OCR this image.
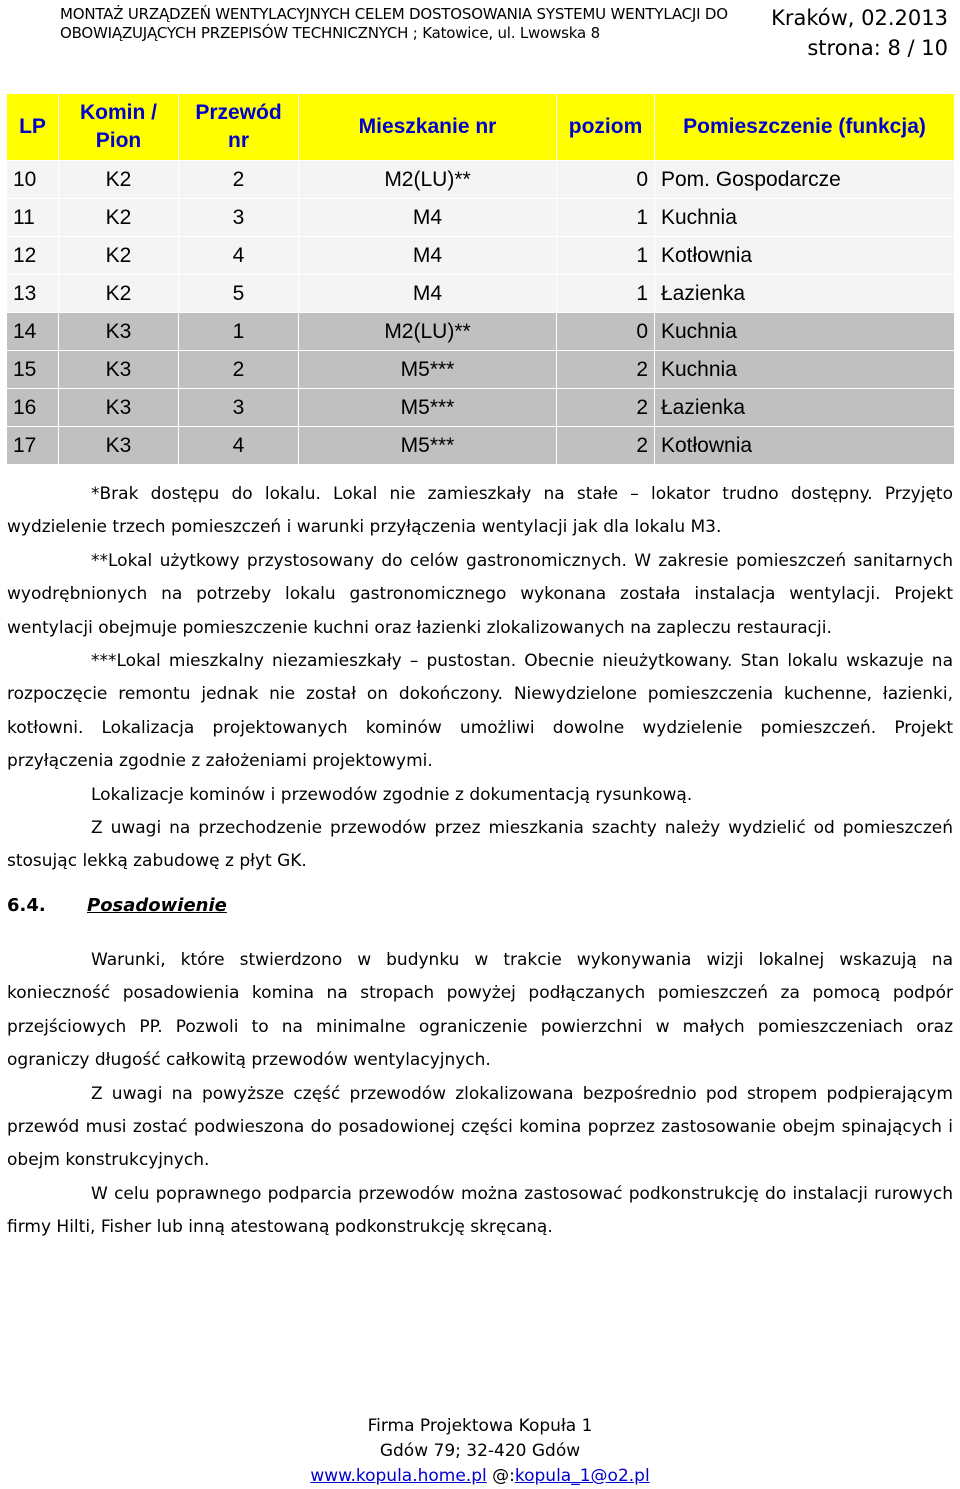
MONTAŻ URZĄDZEŃ WENTYLACYJNYCH CELEM DOSTOSOWANIA SYSTEMU WENTYLACJI DO
OBOWIĄZUJĄCYCH PRZEPISÓW TECHNICZNYCH ; Katowice, ul. Lwowska 8
Kraków, 02.2013
strona: 8 / 10
LP	Komin / Pion	Przewód nr	Mieszkanie nr	poziom	Pomieszczenie (funkcja)
10	K2	2	M2(LU)**	0	Pom. Gospodarcze
11	K2	3	M4	1	Kuchnia
12	K2	4	M4	1	Kotłownia
13	K2	5	M4	1	Łazienka
14	K3	1	M2(LU)**	0	Kuchnia
15	K3	2	M5***	2	Kuchnia
16	K3	3	M5***	2	Łazienka
17	K3	4	M5***	2	Kotłownia

*Brak dostępu do lokalu. Lokal nie zamieszkały na stałe – lokator trudno dostępny. Przyjęto wydzielenie trzech pomieszczeń i warunki przyłączenia wentylacji jak dla lokalu M3.

**Lokal użytkowy przystosowany do celów gastronomicznych. W zakresie pomieszczeń sanitarnych wyodrębnionych na potrzeby lokalu gastronomicznego wykonana została instalacja wentylacji. Projekt wentylacji obejmuje pomieszczenie kuchni oraz łazienki zlokalizowanych na zapleczu restauracji.

***Lokal mieszkalny niezamieszkały – pustostan. Obecnie nieużytkowany. Stan lokalu wskazuje na rozpoczęcie remontu jednak nie został on dokończony. Niewydzielone pomieszczenia kuchenne, łazienki, kotłowni. Lokalizacja projektowanych kominów umożliwi dowolne wydzielenie pomieszczeń. Projekt przyłączenia zgodnie z założeniami projektowymi.

Lokalizacje kominów i przewodów zgodnie z dokumentacją rysunkową.

Z uwagi na przechodzenie przewodów przez mieszkania szachty należy wydzielić od pomieszczeń stosując lekką zabudowę z płyt GK.

6.4. Posadowienie

Warunki, które stwierdzono w budynku w trakcie wykonywania wizji lokalnej wskazują na konieczność posadowienia komina na stropach powyżej podłączanych pomieszczeń za pomocą podpór przejściowych PP. Pozwoli to na minimalne ograniczenie powierzchni w małych pomieszczeniach oraz ograniczy długość całkowitą przewodów wentylacyjnych.

Z uwagi na powyższe część przewodów zlokalizowana bezpośrednio pod stropem podpierającym przewód musi zostać podwieszona do posadowionej części komina poprzez zastosowanie obejm spinających i obejm konstrukcyjnych.

W celu poprawnego podparcia przewodów można zastosować podkonstrukcję do instalacji rurowych firmy Hilti, Fisher lub inną atestowaną podkonstrukcję skręcaną.

Firma Projektowa Kopuła 1
Gdów 79; 32-420 Gdów
www.kopula.home.pl @:kopula_1@o2.pl
